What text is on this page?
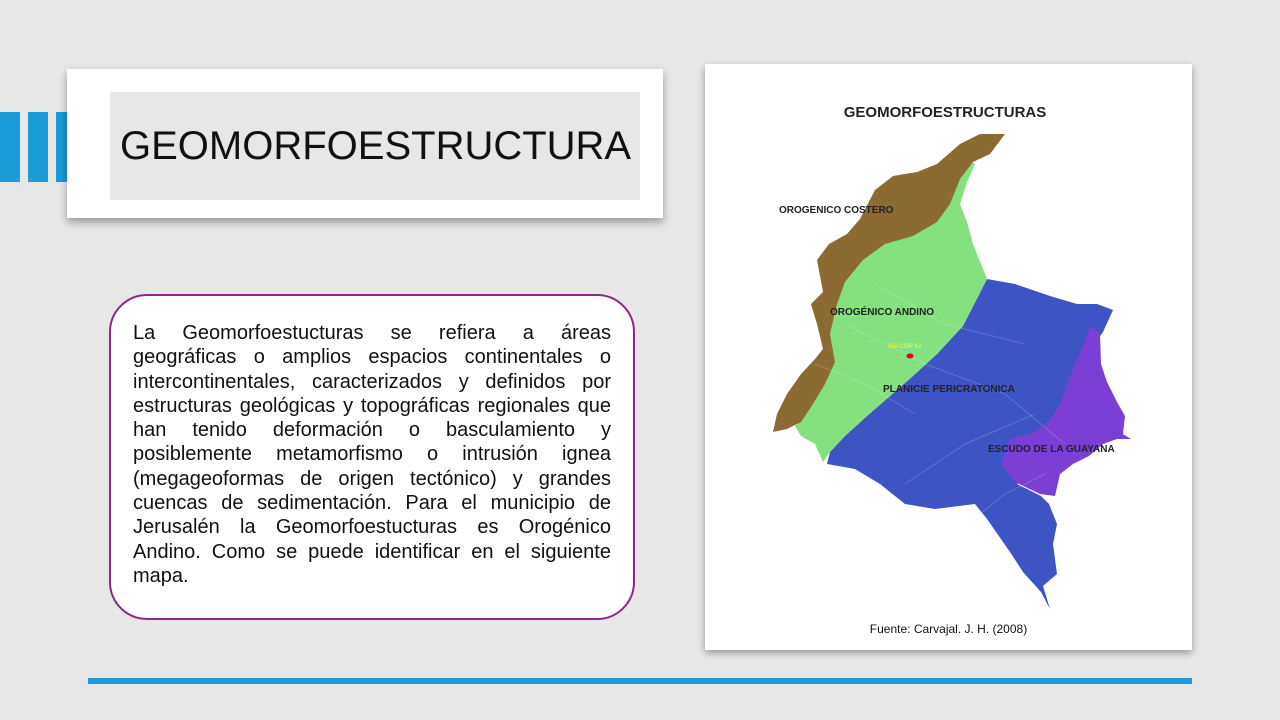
GEOMORFOESTRUCTURA

La Geomorfoestucturas se refiera a áreas geográficas o amplios espacios continentales o intercontinentales, caracterizados y definidos por estructuras geológicas y topográficas regionales que han tenido deformación o basculamiento y posiblemente metamorfismo o intrusión ignea (megageoformas de origen tectónico) y grandes cuencas de sedimentación. Para el municipio de Jerusalén la Geomorfoestucturas es Orogénico Andino. Como se puede identificar en el siguiente mapa.

GEOMORFOESTRUCTURAS
OROGENICO COSTERO
OROGÉNICO ANDINO
PLANICIE PERICRATONICA
ESCUDO DE LA GUAYANA
AID COR 62
Fuente: Carvajal. J. H. (2008)
